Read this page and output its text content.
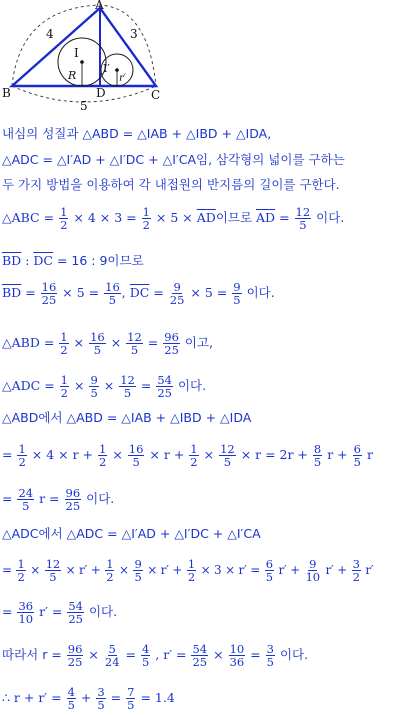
A
B	C
D
I
I′
R	r′
4	3
5
내심의 성질과 △ABD = △IAB + △IBD + △IDA,
△ADC = △I′AD + △I′DC + △I′CA임, 삼각형의 넓이를 구하는
두 가지 방법을 이용하여 각 내접원의 반지름의 길이를 구한다.
△ABC = $\frac{1}{2} \times 4 \times 3 = \frac{1}{2} \times 5 \times \overline{AD}$이므로 $\overline{AD} = \frac{12}{5}$ 이다.
$\overline{BD}$ : $\overline{DC} = 16$ : 9이므로
$\overline{BD} = \frac{16}{25} \times 5 = \frac{16}{5}$ , $\overline{DC} = \frac{9}{25} \times 5 = \frac{9}{5}$ 이다.
△ABD = $\frac{1}{2} \times \frac{16}{5} \times \frac{12}{5} = \frac{96}{25}$ 이고,
△ADC = $\frac{1}{2} \times \frac{9}{5} \times \frac{12}{5} = \frac{54}{25}$ 이다.
△ABD에서 △ABD = △IAB + △IBD + △IDA
= $\frac{1}{2} \times 4 \times r + \frac{1}{2} \times \frac{16}{5} \times r + \frac{1}{2} \times \frac{12}{5} \times r = 2r + \frac{8}{5}$ $r + \frac{6}{5}$ r
= $\frac{24}{5}$ $r = \frac{96}{25}$ 이다.
△ADC에서 △ADC = △I′AD + △I′DC + △I′CA
= $\frac{1}{2} \times \frac{12}{5} \times r' + \frac{1}{2} \times \frac{9}{5} \times r' + \frac{1}{2} \times 3 \times r' = \frac{6}{5} r' + \frac{9}{10} r' + \frac{3}{2} r'$
= $\frac{36}{10} r' = \frac{54}{25}$ 이다.
따라서 $r = \frac{96}{25} \times \frac{5}{24} = \frac{4}{5}$ , $r' = \frac{54}{25} \times \frac{10}{36} = \frac{3}{5}$ 이다.
∴ $r + r' = \frac{4}{5} + \frac{3}{5} = \frac{7}{5} = 1.4$
